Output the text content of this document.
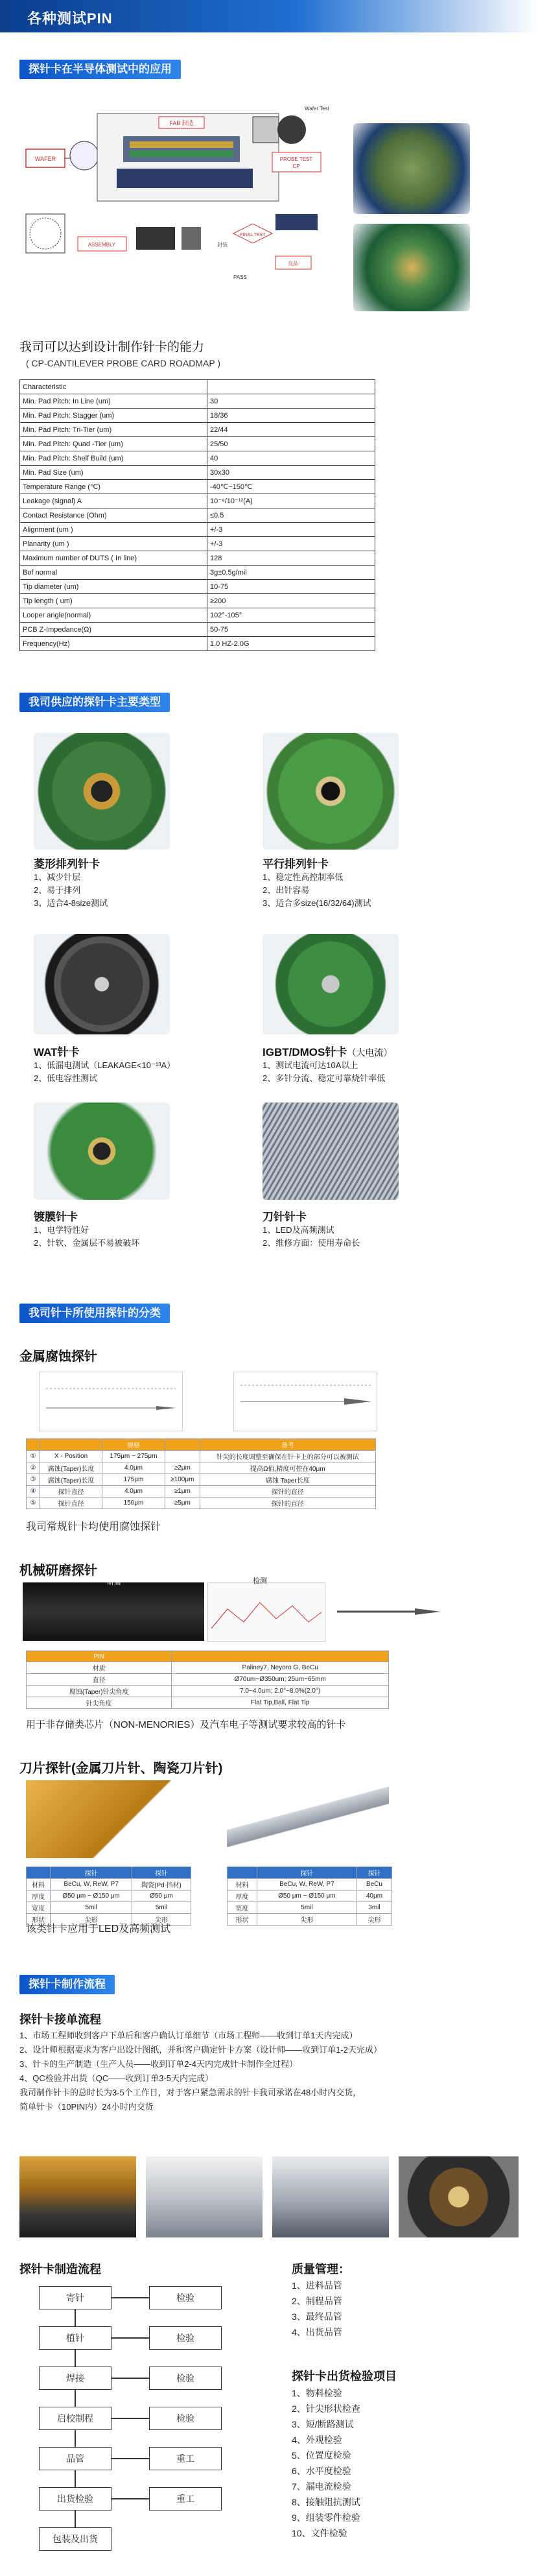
各种测试PIN
探针卡在半导体测试中的应用
WAFER
FAB 制造
Wafer Test
PROBE TEST
CP
ASSEMBLY	封装
FINAL TEST
良品
PASS
我司可以达到设计制作针卡的能力
( CP-CANTILEVER PROBE CARD ROADMAP )
Characteristic	
Min. Pad Pitch: In Line (um)	30
Min. Pad Pitch: Stagger (um)	18/36
Min. Pad Pitch: Tri-Tier (um)	22/44
Min. Pad Pitch: Quad -Tier (um)	25/50
Min. Pad Pitch: Shelf Build (um)	40
Min. Pad Size (um)	30x30
Temperature Range (℃)	-40℃~150℃
Leakage (signal) A	10⁻⁹/10⁻¹²(A)
Contact Resistance (Ohm)	≤0.5
Alignment (um )	+/-3
Planarity (um )	+/-3
Maximum number of DUTS ( In line)	128
Bof normal	3g±0.5g/mil
Tip diameter (um)	10-75
Tip length ( um)	≥200
Looper angle(normal)	102°-105°
PCB Z-Impedance(Ω)	50-75
Frequency(Hz)	1.0 HZ-2.0G
我司供应的探针卡主要类型
菱形排列针卡
1、减少针层
2、易于排列
3、适合4-8size测试
平行排列针卡
1、稳定性高控制率低
2、出针容易
3、适合多size(16/32/64)测试
WAT针卡
1、低漏电测试（LEAKAGE<10⁻¹³A）
2、低电容性测试
IGBT/DMOS针卡（大电流）
1、测试电流可达10A以上
2、多针分流、稳定可靠烧针率低
镀膜针卡
1、电学特性好
2、针软、金属层不易被破坏
刀针针卡
1、LED及高频测试
2、维修方面：使用寿命长
我司针卡所使用探针的分类
金属腐蚀探针
		规格		备考
①	X - Position	175μm ~ 275μm		针尖的长度调整至确保在针卡上的部分可以被测试
②	腐蚀(Taper)长度	4.0μm	≥2μm	提高Ω值,精度可控在40μm
③	腐蚀(Taper)长度	175μm	≥100μm	腐蚀 Taper长度
④	探针直径	4.0μm	≥1μm	探针的直径
⑤	探针直径	150μm	≥5μm	探针的直径
我司常规针卡均使用腐蚀探针
机械研磨探针
研磨	检测
PIN	
材质	Paliney7, Neyoro G, BeCu
直径	Ø70um~Ø350um; 25um~65mm
腐蚀(Taper)针尖角度	7.0~4.0um; 2.0°~8.0%(2.0°)
针尖角度	Flat Tip,Ball, Flat Tip
用于非存储类芯片（NON-MENORIES）及汽车电子等测试要求较高的针卡
刀片探针(金属刀片针、陶瓷刀片针)
	探针	探针
材料	BeCu, W, ReW, P7	陶瓷(Pd 挡材)
厚度	Ø50 μm ~ Ø150 μm	Ø50 μm
宽度	5mil	5mil
形状	尖形	尖形
	探针	探针
材料	BeCu, W, ReW, P7	BeCu
厚度	Ø50 μm ~ Ø150 μm	40μm
宽度	5mil	3mil
形状	尖形	尖形
该类针卡应用于LED及高频测试
探针卡制作流程
探针卡接单流程
1、市场工程师收到客户下单后和客户确认订单细节（市场工程师——收到订单1天内完成）
2、设计师根据要求为客户出设计图纸，并和客户确定针卡方案（设计师——收到订单1-2天完成）
3、针卡的生产制造（生产人员——收到订单2-4天内完成针卡制作全过程）
4、QC检验并出货（QC——收到订单3-5天内完成）
我司制作针卡的总时长为3-5个工作日，对于客户紧急需求的针卡我司承诺在48小时内交货，
简单针卡（10PIN内）24小时内交货
探针卡制造流程
寄针
植针
焊接
启校制程
品管
出货检验
包装及出货
检验
检验
检验
检验
重工
重工
质量管理：
1、进料品管
2、制程品管
3、最终品管
4、出货品管
探针卡出货检验项目
1、物料检验
2、针尖形状检查
3、短/断路测试
4、外观检验
5、位置度检验
6、水平度检验
7、漏电流检验
8、接触阻抗测试
9、组装零件检验
10、文件检验
